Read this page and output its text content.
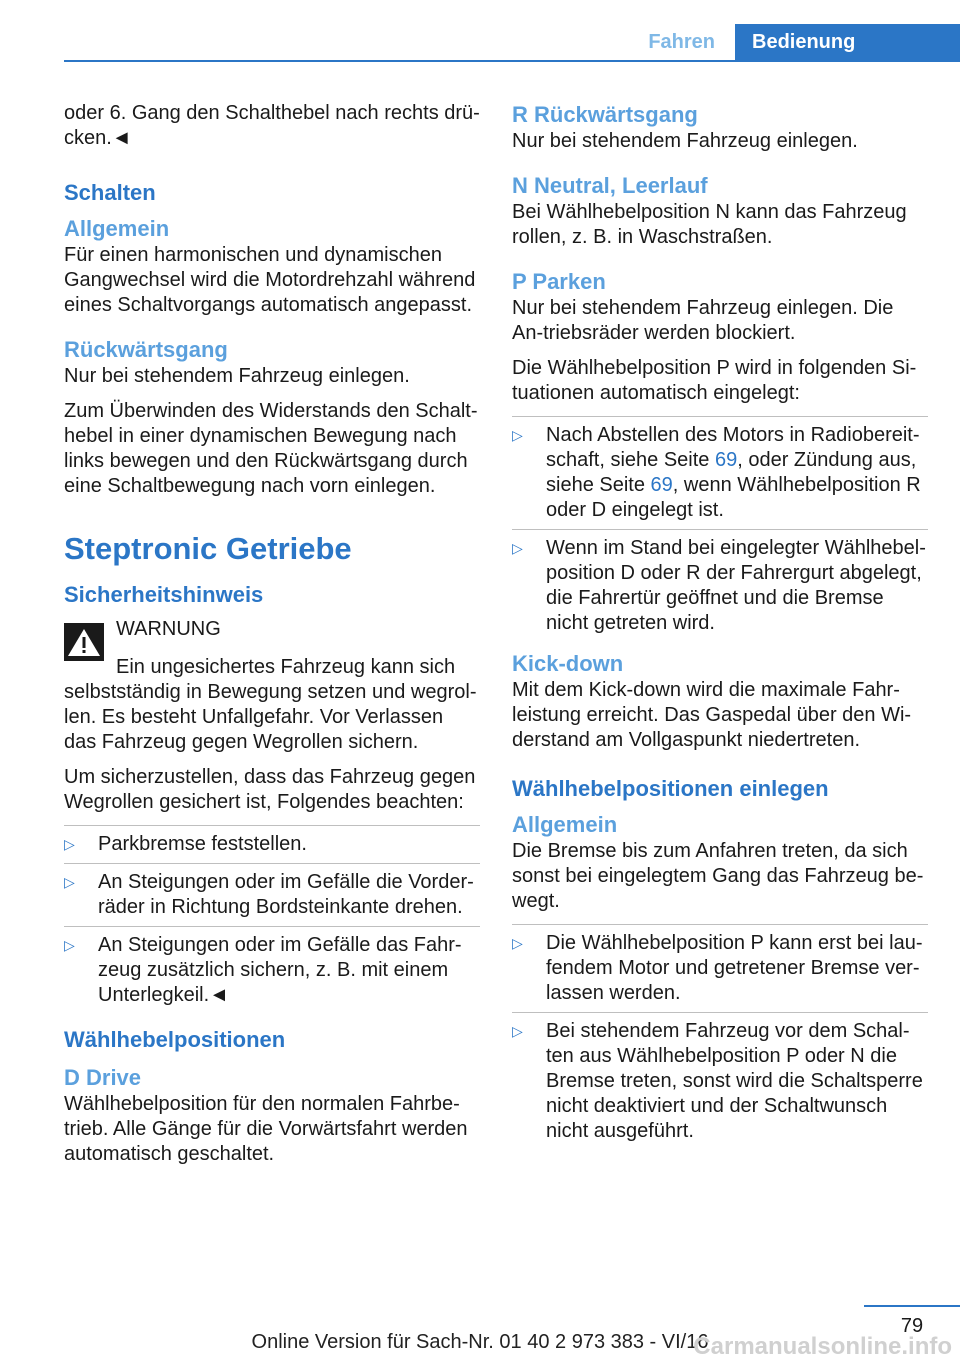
Fahren	Bedienung

oder 6. Gang den Schalthebel nach rechts drü-cken.◄

Schalten
Allgemein

Für einen harmonischen und dynamischen Gangwechsel wird die Motordrehzahl während eines Schaltvorgangs automatisch angepasst.

Rückwärtsgang

Nur bei stehendem Fahrzeug einlegen.

Zum Überwinden des Widerstands den Schalt-hebel in einer dynamischen Bewegung nach links bewegen und den Rückwärtsgang durch eine Schaltbewegung nach vorn einlegen.

Steptronic Getriebe
Sicherheitshinweis
WARNUNG

Ein ungesichertes Fahrzeug kann sich selbstständig in Bewegung setzen und wegrol-len. Es besteht Unfallgefahr. Vor Verlassen das Fahrzeug gegen Wegrollen sichern.

Um sicherzustellen, dass das Fahrzeug gegen Wegrollen gesichert ist, Folgendes beachten:

▷	Parkbremse feststellen.
▷	An Steigungen oder im Gefälle die Vorder-räder in Richtung Bordsteinkante drehen.
▷	An Steigungen oder im Gefälle das Fahr-zeug zusätzlich sichern, z. B. mit einem Unterlegkeil.◄
Wählhebelpositionen
D Drive

Wählhebelposition für den normalen Fahrbe-trieb. Alle Gänge für die Vorwärtsfahrt werden automatisch geschaltet.

R Rückwärtsgang

Nur bei stehendem Fahrzeug einlegen.

N Neutral, Leerlauf

Bei Wählhebelposition N kann das Fahrzeug rollen, z. B. in Waschstraßen.

P Parken

Nur bei stehendem Fahrzeug einlegen. Die An-triebsräder werden blockiert.

Die Wählhebelposition P wird in folgenden Si-tuationen automatisch eingelegt:

▷	Nach Abstellen des Motors in Radiobereit-schaft, siehe Seite 69, oder Zündung aus, siehe Seite 69, wenn Wählhebelposition R oder D eingelegt ist.
▷	Wenn im Stand bei eingelegter Wählhebel-position D oder R der Fahrergurt abgelegt, die Fahrertür geöffnet und die Bremse nicht getreten wird.
Kick-down

Mit dem Kick-down wird die maximale Fahr-leistung erreicht. Das Gaspedal über den Wi-derstand am Vollgaspunkt niedertreten.

Wählhebelpositionen einlegen
Allgemein

Die Bremse bis zum Anfahren treten, da sich sonst bei eingelegtem Gang das Fahrzeug be-wegt.

▷	Die Wählhebelposition P kann erst bei lau-fendem Motor und getretener Bremse ver-lassen werden.
▷	Bei stehendem Fahrzeug vor dem Schal-ten aus Wählhebelposition P oder N die Bremse treten, sonst wird die Schaltsperre nicht deaktiviert und der Schaltwunsch nicht ausgeführt.
79
Online Version für Sach-Nr. 01 40 2 973 383 - VI/16
Carmanualsonline.info
